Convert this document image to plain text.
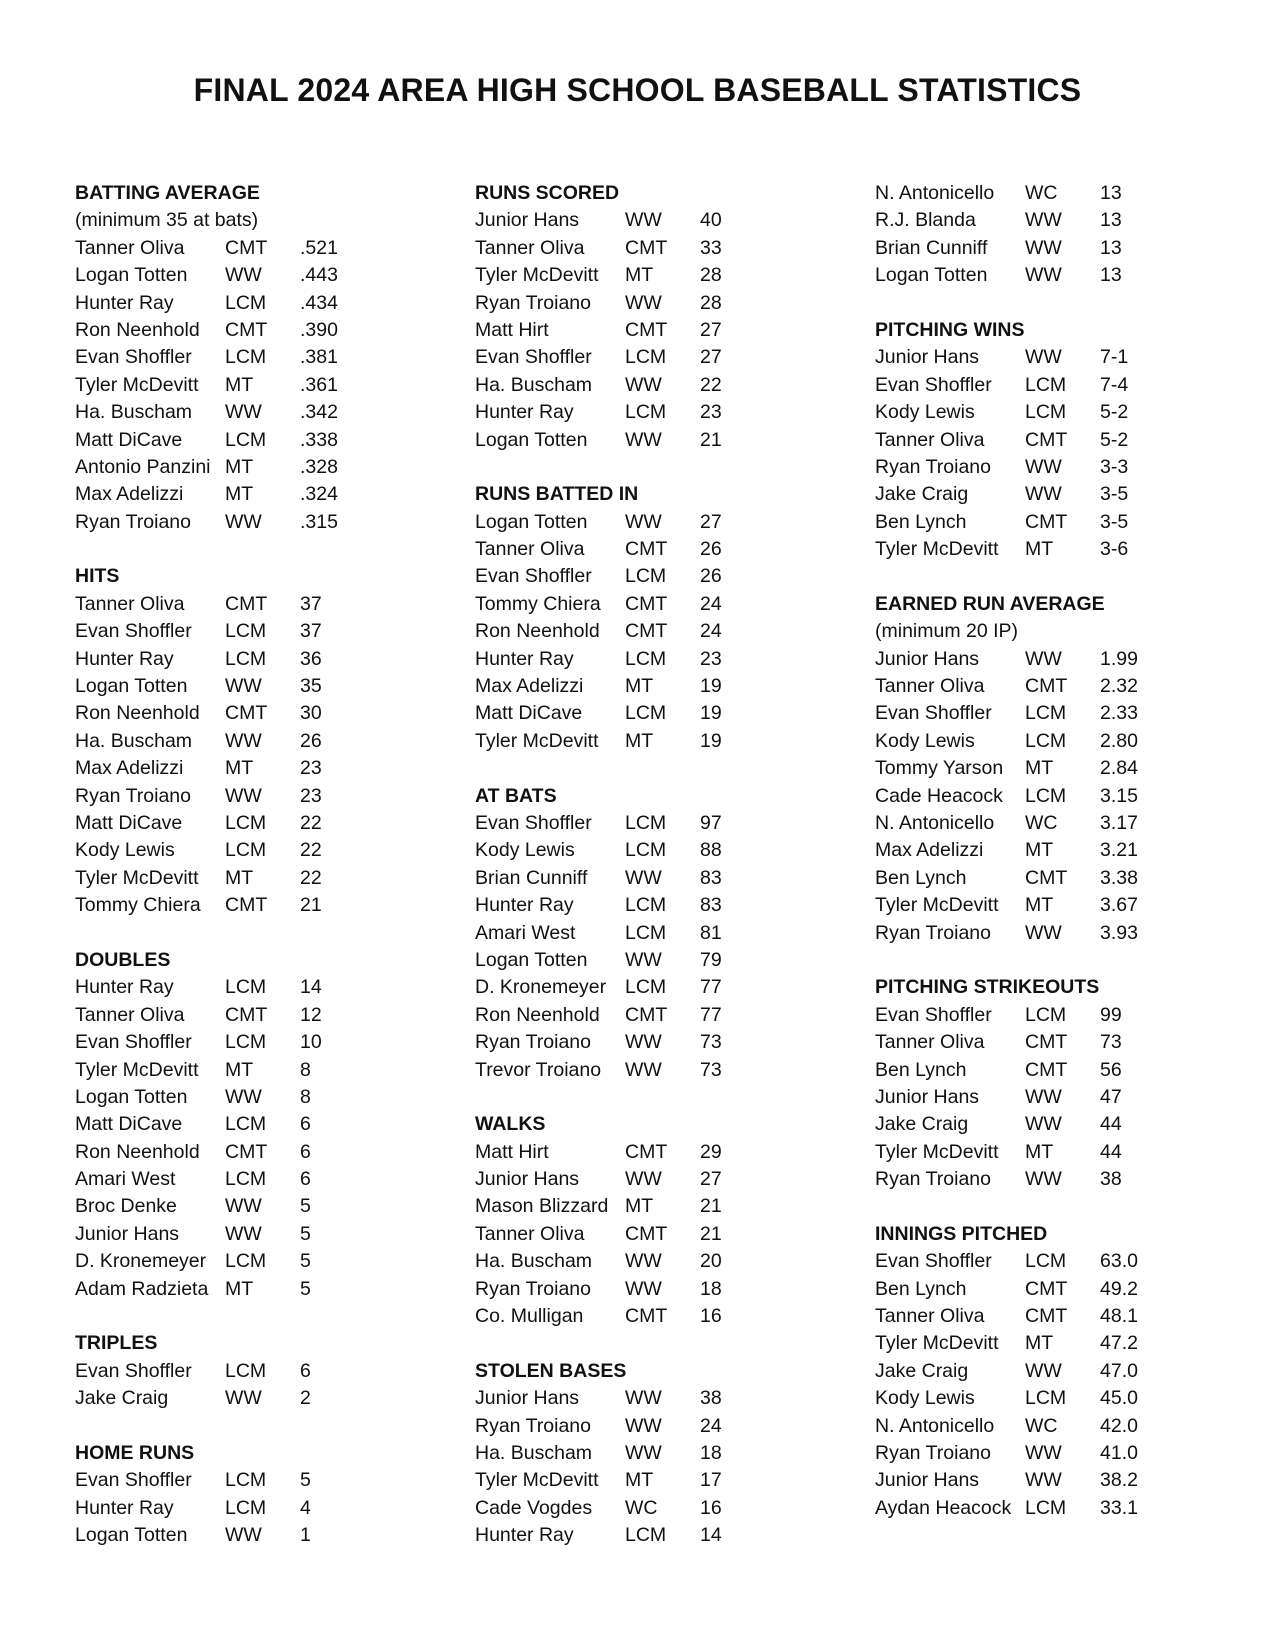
FINAL 2024 AREA HIGH SCHOOL BASEBALL STATISTICS
BATTING AVERAGE
(minimum 35 at bats)
Tanner Oliva	CMT	.521
Logan Totten	WW	.443
Hunter Ray	LCM	.434
Ron Neenhold	CMT	.390
Evan Shoffler	LCM	.381
Tyler McDevitt	MT	.361
Ha. Buscham	WW	.342
Matt DiCave	LCM	.338
Antonio Panzini MT	.328
Max Adelizzi	MT	.324
Ryan Troiano	WW	.315
HITS
Tanner Oliva	CMT	37
Evan Shoffler	LCM	37
Hunter Ray	LCM	36
Logan Totten	WW	35
Ron Neenhold	CMT	30
Ha. Buscham	WW	26
Max Adelizzi	MT	23
Ryan Troiano	WW	23
Matt DiCave	LCM	22
Kody Lewis	LCM	22
Tyler McDevitt	MT	22
Tommy Chiera	CMT	21
DOUBLES
Hunter Ray	LCM	14
Tanner Oliva	CMT	12
Evan Shoffler	LCM	10
Tyler McDevitt	MT	8
Logan Totten	WW	8
Matt DiCave	LCM	6
Ron Neenhold	CMT	6
Amari West	LCM	6
Broc Denke	WW	5
Junior Hans	WW	5
D. Kronemeyer LCM	5
Adam Radzieta MT	5
TRIPLES
Evan Shoffler	LCM	6
Jake Craig	WW	2
HOME RUNS
Evan Shoffler	LCM	5
Hunter Ray	LCM	4
Logan Totten	WW	1
RUNS SCORED
Junior Hans	WW	40
Tanner Oliva	CMT	33
Tyler McDevitt	MT	28
Ryan Troiano	WW	28
Matt Hirt	CMT	27
Evan Shoffler	LCM	27
Ha. Buscham	WW	22
Hunter Ray	LCM	23
Logan Totten	WW	21
RUNS BATTED IN
Logan Totten	WW	27
Tanner Oliva	CMT	26
Evan Shoffler	LCM	26
Tommy Chiera	CMT	24
Ron Neenhold	CMT	24
Hunter Ray	LCM	23
Max Adelizzi	MT	19
Matt DiCave	LCM	19
Tyler McDevitt	MT	19
AT BATS
Evan Shoffler	LCM	97
Kody Lewis	LCM	88
Brian Cunniff	WW	83
Hunter Ray	LCM	83
Amari West	LCM	81
Logan Totten	WW	79
D. Kronemeyer LCM	77
Ron Neenhold	CMT	77
Ryan Troiano	WW	73
Trevor Troiano	WW	73
WALKS
Matt Hirt	CMT	29
Junior Hans	WW	27
Mason Blizzard MT	21
Tanner Oliva	CMT	21
Ha. Buscham	WW	20
Ryan Troiano	WW	18
Co. Mulligan	CMT	16
STOLEN BASES
Junior Hans	WW	38
Ryan Troiano	WW	24
Ha. Buscham	WW	18
Tyler McDevitt	MT	17
Cade Vogdes	WC	16
Hunter Ray	LCM	14
N. Antonicello	WC	13
R.J. Blanda	WW	13
Brian Cunniff	WW	13
Logan Totten	WW	13
PITCHING WINS
Junior Hans	WW	7-1
Evan Shoffler	LCM	7-4
Kody Lewis	LCM	5-2
Tanner Oliva	CMT	5-2
Ryan Troiano	WW	3-3
Jake Craig	WW	3-5
Ben Lynch	CMT	3-5
Tyler McDevitt	MT	3-6
EARNED RUN AVERAGE
(minimum 20 IP)
Junior Hans	WW	1.99
Tanner Oliva	CMT	2.32
Evan Shoffler	LCM	2.33
Kody Lewis	LCM	2.80
Tommy Yarson	MT	2.84
Cade Heacock	LCM	3.15
N. Antonicello	WC	3.17
Max Adelizzi	MT	3.21
Ben Lynch	CMT	3.38
Tyler McDevitt	MT	3.67
Ryan Troiano	WW	3.93
PITCHING STRIKEOUTS
Evan Shoffler	LCM	99
Tanner Oliva	CMT	73
Ben Lynch	CMT	56
Junior Hans	WW	47
Jake Craig	WW	44
Tyler McDevitt	MT	44
Ryan Troiano	WW	38
INNINGS PITCHED
Evan Shoffler	LCM	63.0
Ben Lynch	CMT	49.2
Tanner Oliva	CMT	48.1
Tyler McDevitt	MT	47.2
Jake Craig	WW	47.0
Kody Lewis	LCM	45.0
N. Antonicello	WC	42.0
Ryan Troiano	WW	41.0
Junior Hans	WW	38.2
Aydan Heacock LCM	33.1
